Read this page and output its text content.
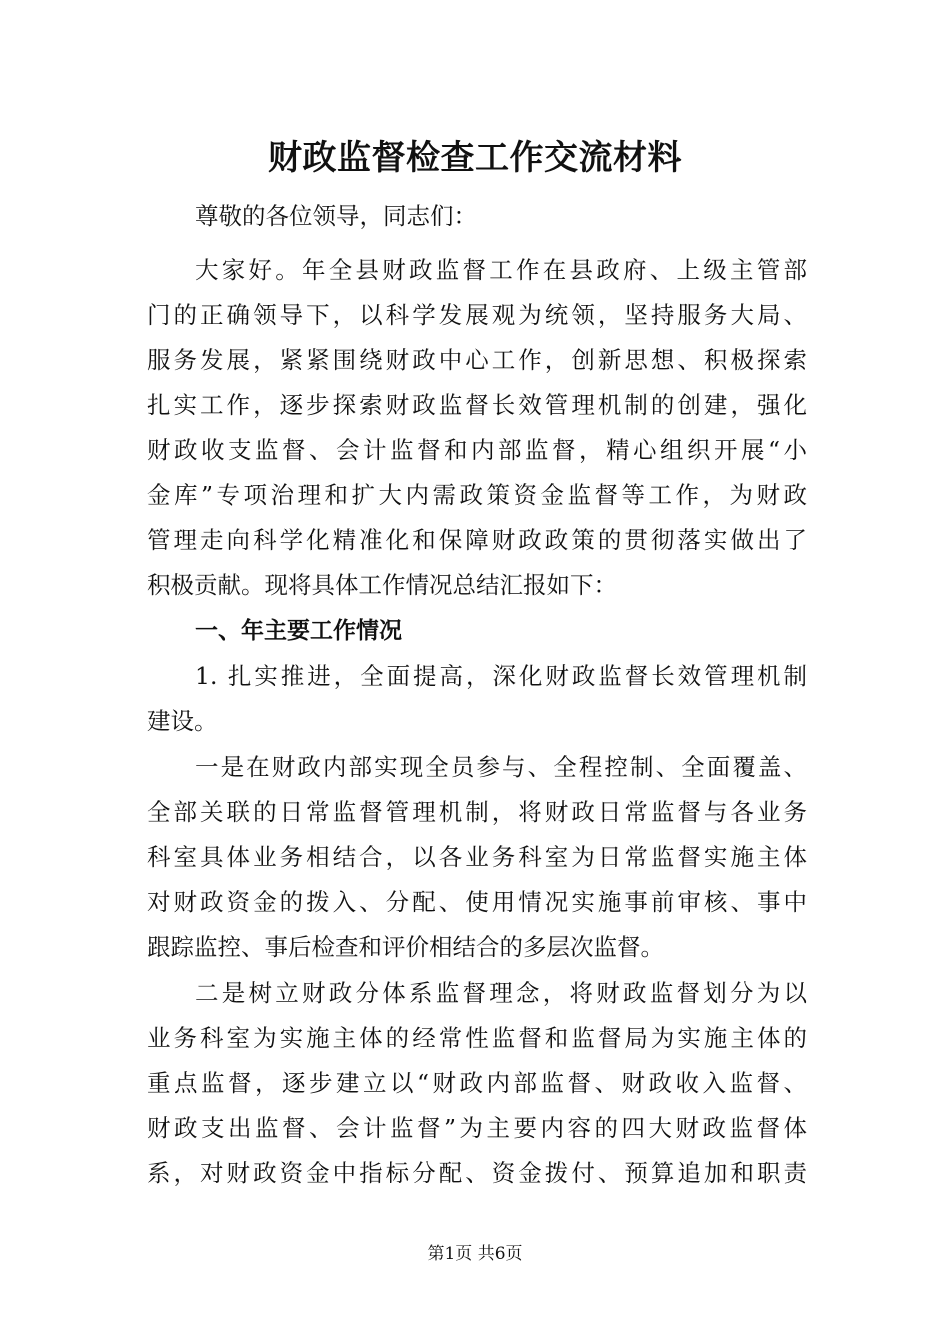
财政监督检查工作交流材料

尊敬的各位领导，同志们：

大家好。年全县财政监督工作在县政府、上级主管部

门的正确领导下，以科学发展观为统领，坚持服务大局、

服务发展，紧紧围绕财政中心工作，创新思想、积极探索

扎实工作，逐步探索财政监督长效管理机制的创建，强化

财政收支监督、会计监督和内部监督，精心组织开展“小

金库”专项治理和扩大内需政策资金监督等工作，为财政

管理走向科学化精准化和保障财政政策的贯彻落实做出了

积极贡献。现将具体工作情况总结汇报如下：

一、年主要工作情况

1. 扎实推进，全面提高，深化财政监督长效管理机制

建设。

一是在财政内部实现全员参与、全程控制、全面覆盖、

全部关联的日常监督管理机制，将财政日常监督与各业务

科室具体业务相结合，以各业务科室为日常监督实施主体

对财政资金的拨入、分配、使用情况实施事前审核、事中

跟踪监控、事后检查和评价相结合的多层次监督。

二是树立财政分体系监督理念，将财政监督划分为以

业务科室为实施主体的经常性监督和监督局为实施主体的

重点监督，逐步建立以“财政内部监督、财政收入监督、

财政支出监督、会计监督”为主要内容的四大财政监督体

系，对财政资金中指标分配、资金拨付、预算追加和职责

第1页 共6页
